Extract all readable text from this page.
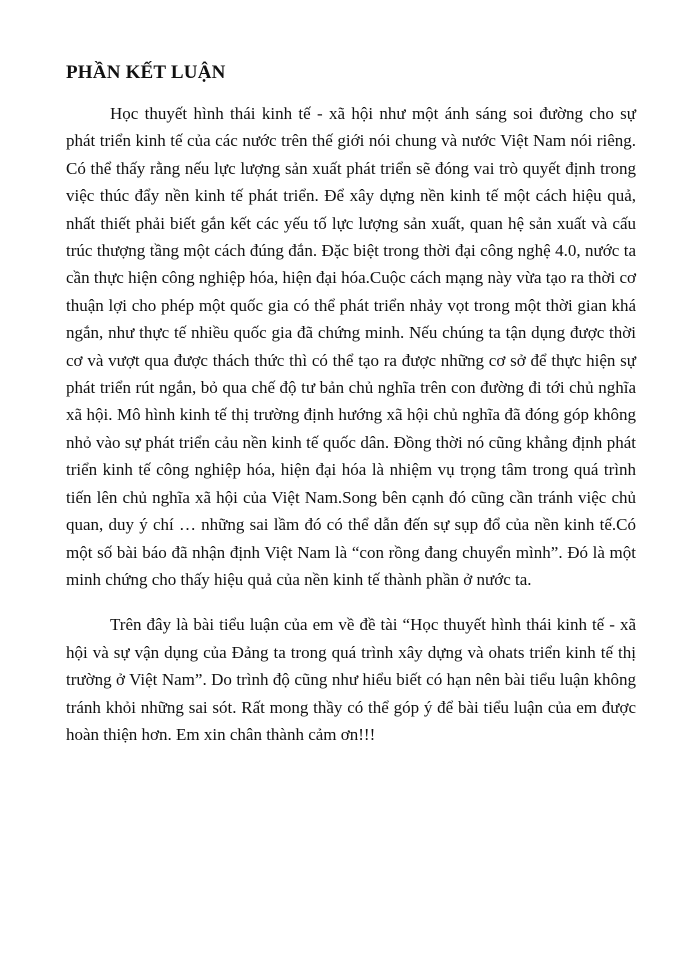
PHẦN KẾT LUẬN

Học thuyết hình thái kinh tế - xã hội như một ánh sáng soi đường cho sự phát triển kinh tế của các nước trên thế giới nói chung và nước Việt Nam nói riêng. Có thể thấy rằng nếu lực lượng sản xuất phát triển sẽ đóng vai trò quyết định trong việc thúc đẩy nền kinh tế phát triển. Để xây dựng nền kinh tế một cách hiệu quả, nhất thiết phải biết gắn kết các yếu tố lực lượng sản xuất, quan hệ sản xuất và cấu trúc thượng tầng một cách đúng đắn. Đặc biệt trong thời đại công nghệ 4.0, nước ta cần thực hiện công nghiệp hóa, hiện đại hóa.Cuộc cách mạng này vừa tạo ra thời cơ thuận lợi cho phép một quốc gia có thể phát triển nhảy vọt trong một thời gian khá ngắn, như thực tế nhiều quốc gia đã chứng minh. Nếu chúng ta tận dụng được thời cơ và vượt qua được thách thức thì có thể tạo ra được những cơ sở để thực hiện sự phát triển rút ngắn, bỏ qua chế độ tư bản chủ nghĩa trên con đường đi tới chủ nghĩa xã hội. Mô hình kinh tế thị trường định hướng xã hội chủ nghĩa đã đóng góp không nhỏ vào sự phát triển cảu nền kinh tế quốc dân. Đồng thời nó cũng khẳng định phát triển kinh tế công nghiệp hóa, hiện đại hóa là nhiệm vụ trọng tâm trong quá trình tiến lên chủ nghĩa xã hội của Việt Nam.Song bên cạnh đó cũng cần tránh việc chủ quan, duy ý chí … những sai lầm đó có thể dẫn đến sự sụp đổ của nền kinh tế.Có một số bài báo đã nhận định Việt Nam là “con rồng đang chuyển mình”. Đó là một minh chứng cho thấy hiệu quả của nền kinh tế thành phần ở nước ta.

Trên đây là bài tiểu luận của em về đề tài “Học thuyết hình thái kinh tế - xã hội và sự vận dụng của Đảng ta trong quá trình xây dựng và ohats triển kinh tế thị trường ở Việt Nam”. Do trình độ cũng như hiểu biết có hạn nên bài tiểu luận không tránh khỏi những sai sót. Rất mong thầy có thể góp ý để bài tiểu luận của em được hoàn thiện hơn. Em xin chân thành cảm ơn!!!
